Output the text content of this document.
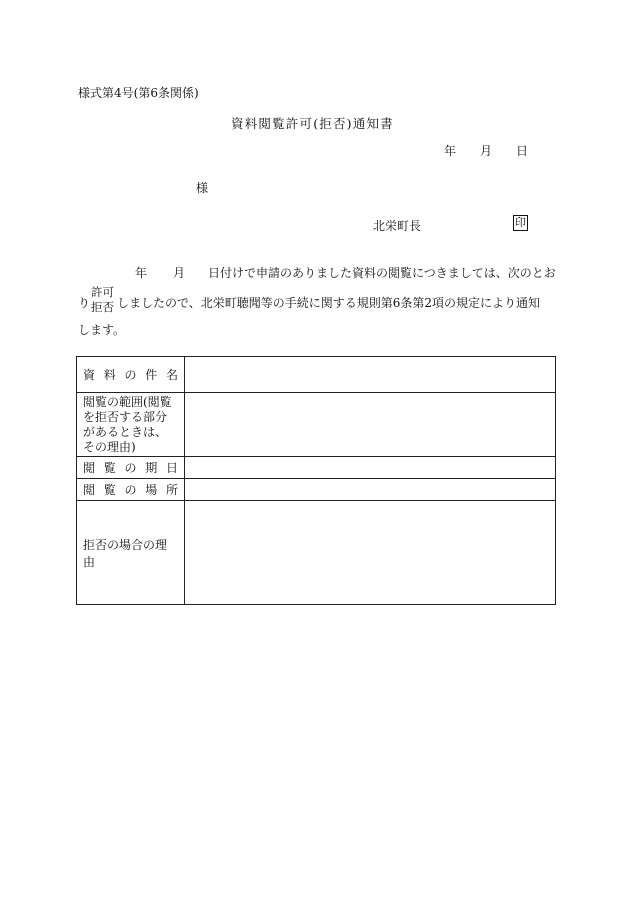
様式第4号(第6条関係)
資料閲覧許可(拒否)通知書
年 月 日
様
北栄町長	印
年 月 日付けで申請のありました資料の閲覧につきましては、次のとお
り
許可
拒否 しましたので、北栄町聴聞等の手続に関する規則第6条第2項の規定により通知
します。
資 料 の 件 名	

閲覧の範囲(閲覧を拒否する部分があるときは、その理由)	

閲 覧 の 期 日	

閲 覧 の 場 所	

拒否の場合の理由	
